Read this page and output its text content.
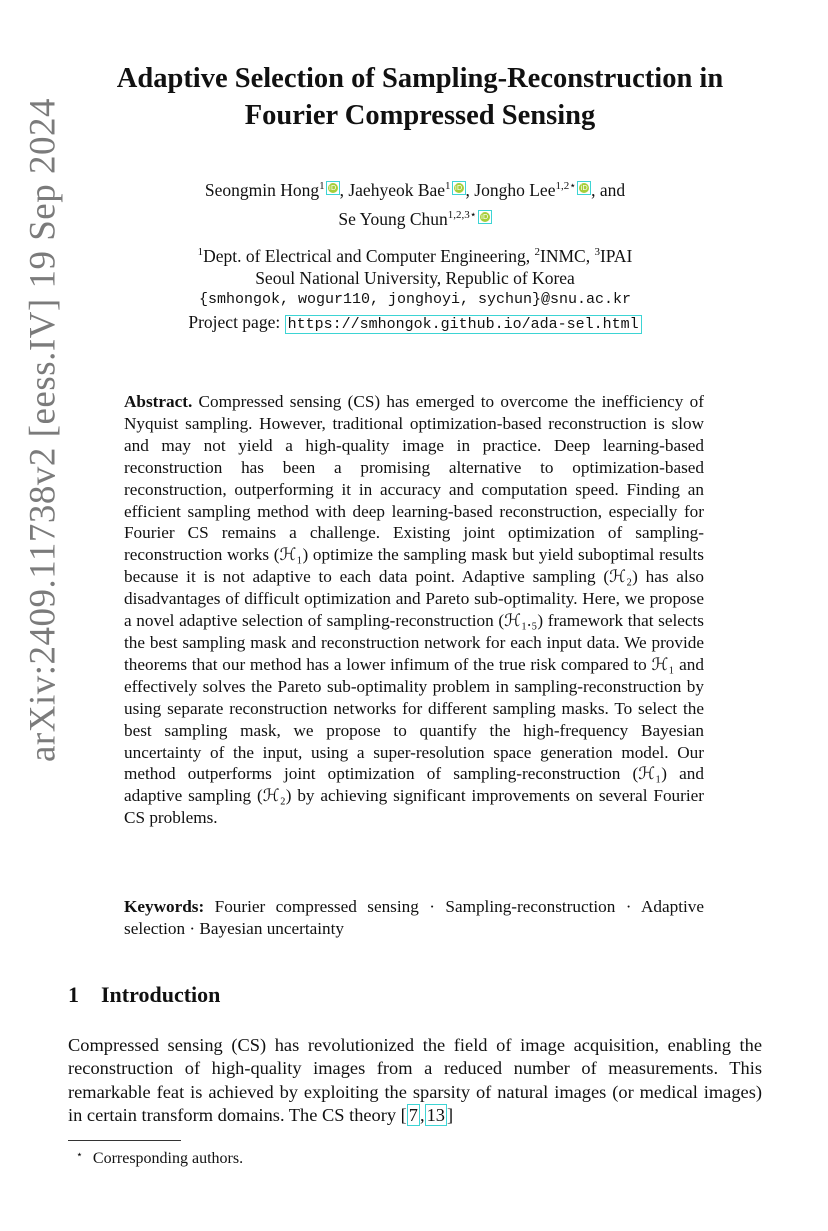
arXiv:2409.11738v2 [eess.IV] 19 Sep 2024
Adaptive Selection of Sampling-Reconstruction in
Fourier Compressed Sensing
Seongmin Hong$^1$ iD , Jaehyeok Bae$^1$ iD , Jongho Lee$^{1,2⋆}$ iD , and
Se Young Chun$^{1,2,3⋆}$ iD
$^1$Dept. of Electrical and Computer Engineering, $^2$INMC, $^3$IPAI
Seoul National University, Republic of Korea
{smhongok, wogur110, jonghoyi, sychun}@snu.ac.kr
Project page: https://smhongok.github.io/ada-sel.html
Abstract. Compressed sensing (CS) has emerged to overcome the inefficiency of Nyquist sampling. However, traditional optimization-based reconstruction is slow and may not yield a high-quality image in practice. Deep learning-based reconstruction has been a promising alternative to optimization-based reconstruction, outperforming it in accuracy and computation speed. Finding an efficient sampling method with deep learning-based reconstruction, especially for Fourier CS remains a challenge. Existing joint optimization of sampling-reconstruction works (ℋ₁) optimize the sampling mask but yield suboptimal results because it is not adaptive to each data point. Adaptive sampling (ℋ₂) has also disadvantages of difficult optimization and Pareto sub-optimality. Here, we propose a novel adaptive selection of sampling-reconstruction (ℋ₁.₅) framework that selects the best sampling mask and reconstruction network for each input data. We provide theorems that our method has a lower infimum of the true risk compared to ℋ₁ and effectively solves the Pareto sub-optimality problem in sampling-reconstruction by using separate reconstruction networks for different sampling masks. To select the best sampling mask, we propose to quantify the high-frequency Bayesian uncertainty of the input, using a super-resolution space generation model. Our method outperforms joint optimization of sampling-reconstruction (ℋ₁) and adaptive sampling (ℋ₂) by achieving significant improvements on several Fourier CS problems.
Keywords: Fourier compressed sensing · Sampling-reconstruction · Adaptive selection · Bayesian uncertainty
1 Introduction
Compressed sensing (CS) has revolutionized the field of image acquisition, enabling the reconstruction of high-quality images from a reduced number of measurements. This remarkable feat is achieved by exploiting the sparsity of natural images (or medical images) in certain transform domains. The CS theory [ 7 , 13 ]
⋆ Corresponding authors.
